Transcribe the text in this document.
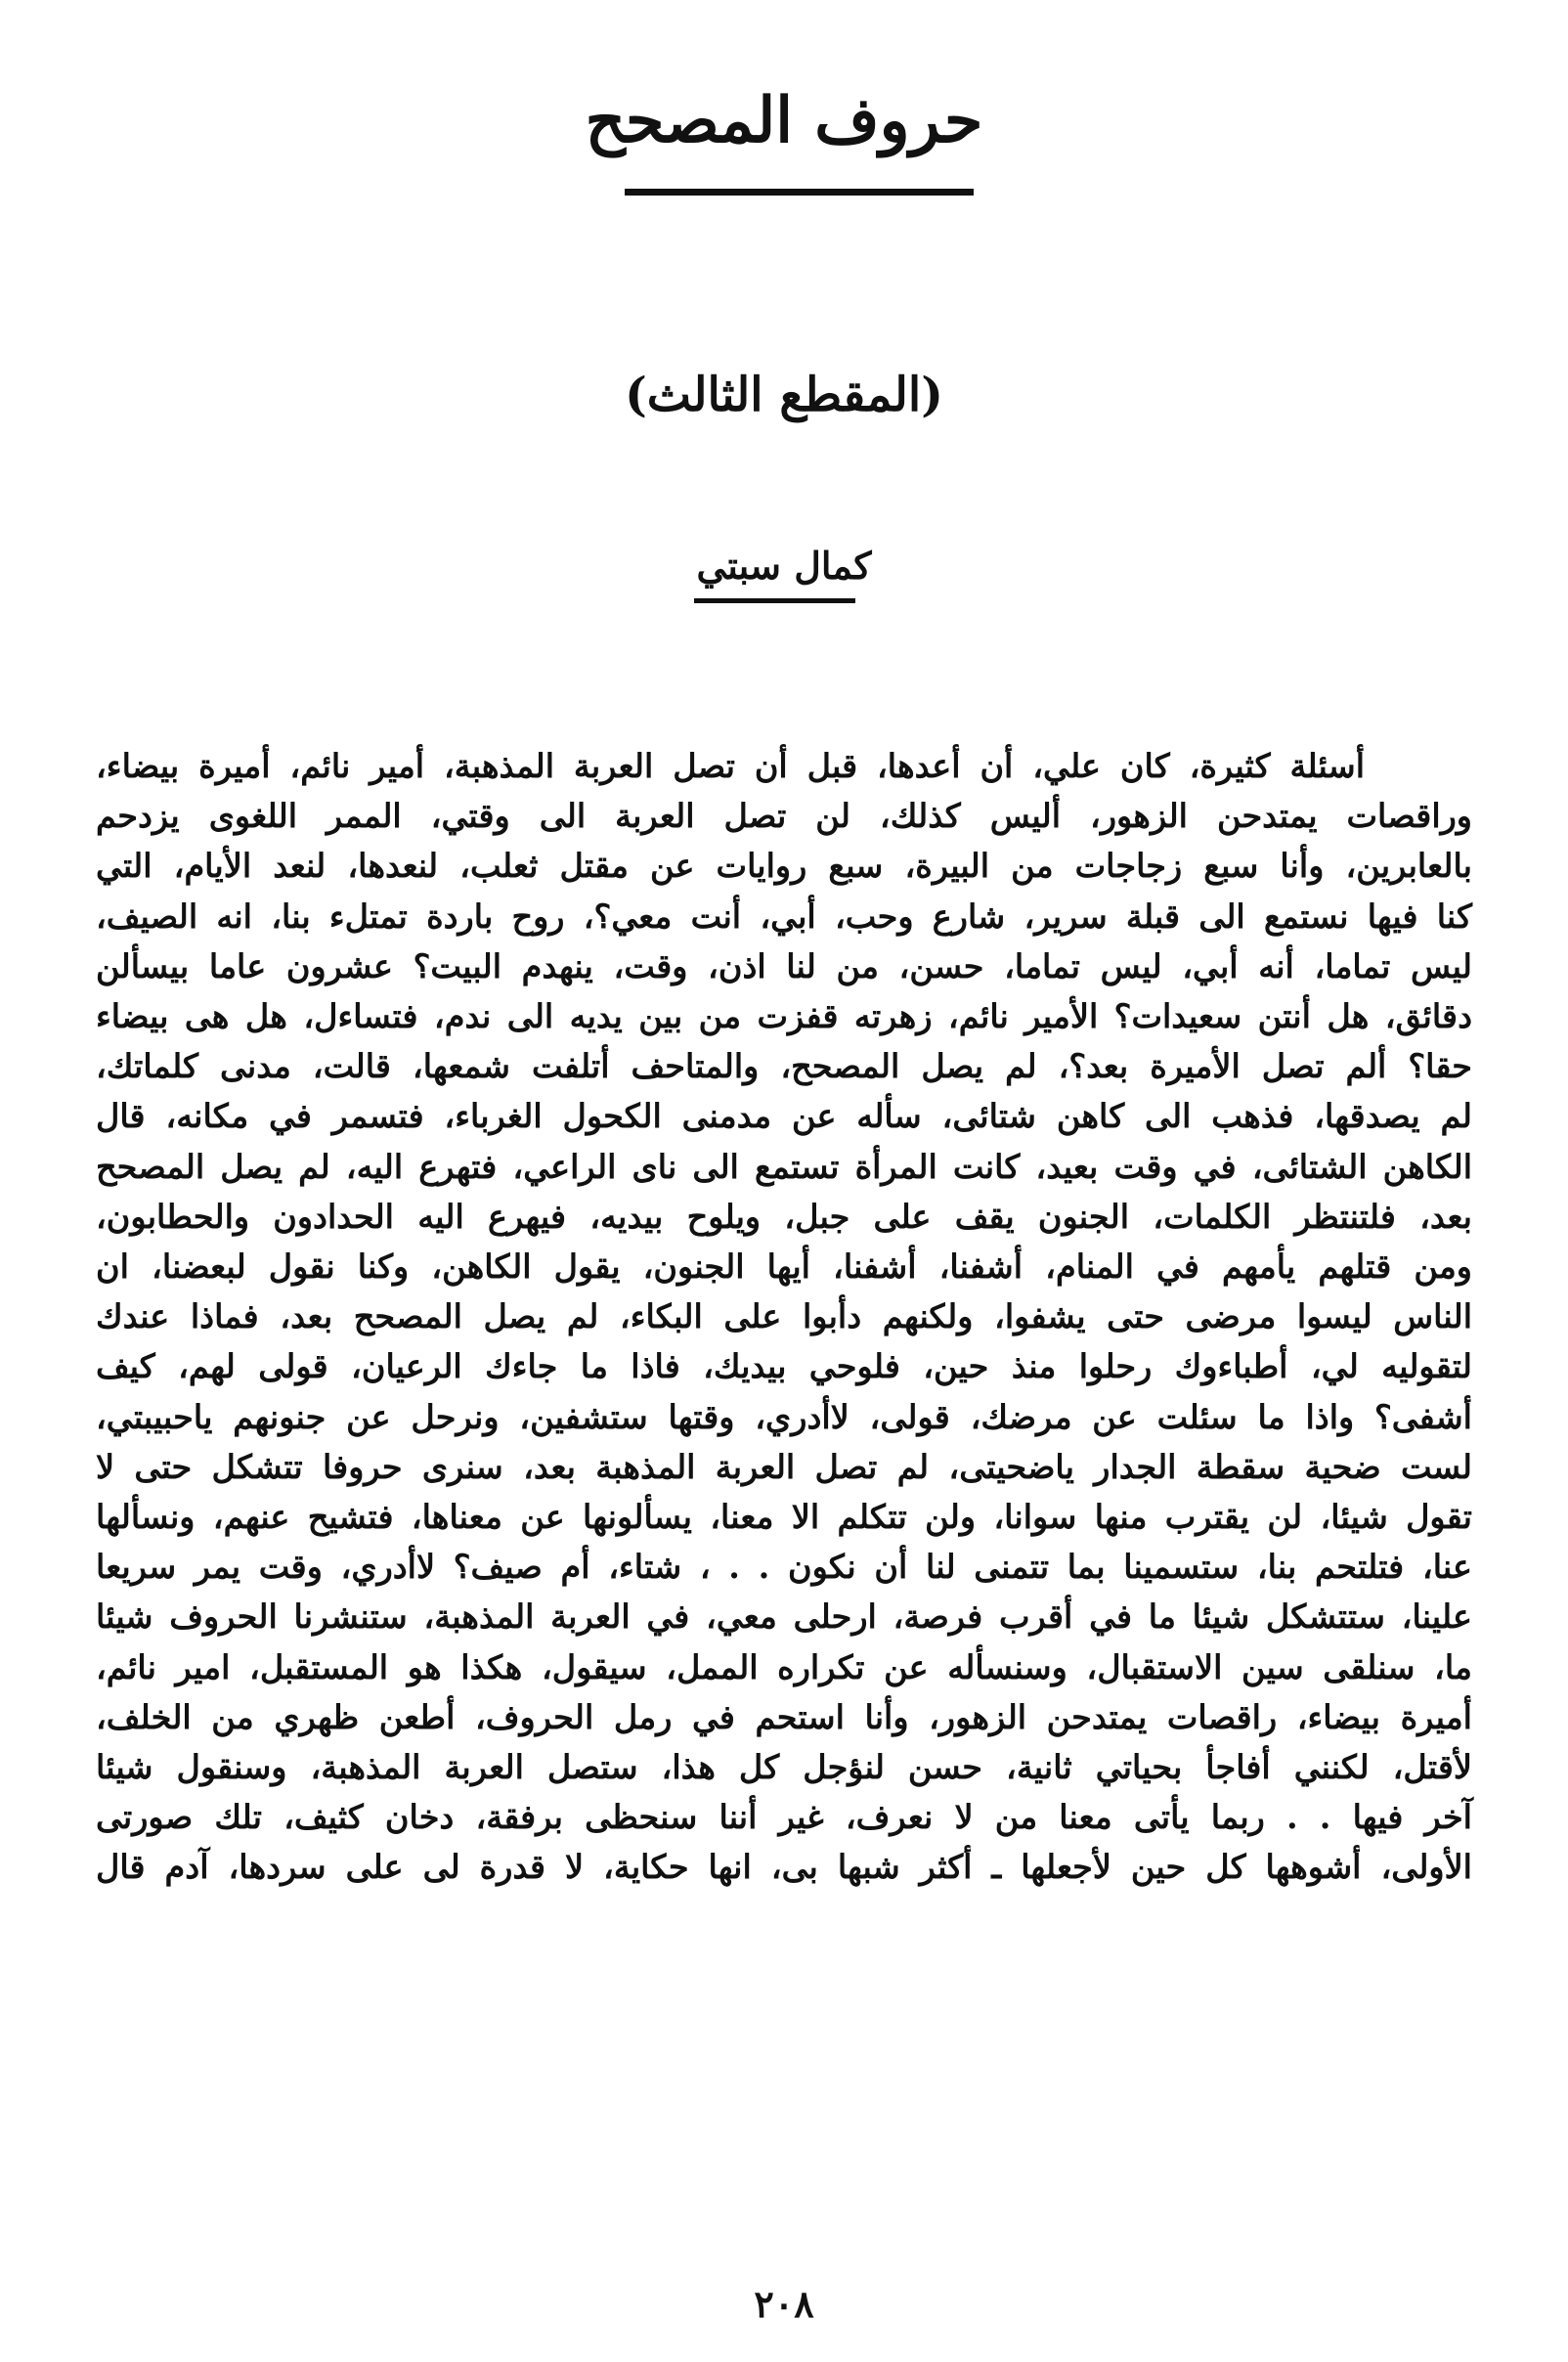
حروف المصحح
(المقطع الثالث)
كمال سبتي
أسئلة كثيرة، كان علي، أن أعدها، قبل أن تصل العربة المذهبة، أمير نائم، أميرة بيضاء،
وراقصات يمتدحن الزهور، أليس كذلك، لن تصل العربة الى وقتي، الممر اللغوى يزدحم
بالعابرين، وأنا سبع زجاجات من البيرة، سبع روايات عن مقتل ثعلب، لنعدها، لنعد الأيام، التي
كنا فيها نستمع الى قبلة سرير، شارع وحب، أبي، أنت معي؟، روح باردة تمتلء بنا، انه الصيف،
ليس تماما، أنه أبي، ليس تماما، حسن، من لنا اذن، وقت، ينهدم البيت؟ عشرون عاما بيسألن
دقائق، هل أنتن سعيدات؟ الأمير نائم، زهرته قفزت من بين يديه الى ندم، فتساءل، هل هى بيضاء
حقا؟ ألم تصل الأميرة بعد؟، لم يصل المصحح، والمتاحف أتلفت شمعها، قالت، مدنى كلماتك،
لم يصدقها، فذهب الى كاهن شتائى، سأله عن مدمنى الكحول الغرباء، فتسمر في مكانه، قال
الكاهن الشتائى، في وقت بعيد، كانت المرأة تستمع الى ناى الراعي، فتهرع اليه، لم يصل المصحح
بعد، فلتنتظر الكلمات، الجنون يقف على جبل، ويلوح بيديه، فيهرع اليه الحدادون والحطابون،
ومن قتلهم يأمهم في المنام، أشفنا، أشفنا، أيها الجنون، يقول الكاهن، وكنا نقول لبعضنا، ان
الناس ليسوا مرضى حتى يشفوا، ولكنهم دأبوا على البكاء، لم يصل المصحح بعد، فماذا عندك
لتقوليه لي، أطباءوك رحلوا منذ حين، فلوحي بيديك، فاذا ما جاءك الرعيان، قولى لهم، كيف
أشفى؟ واذا ما سئلت عن مرضك، قولى، لاأدري، وقتها ستشفين، ونرحل عن جنونهم ياحبيبتي،
لست ضحية سقطة الجدار ياضحيتى، لم تصل العربة المذهبة بعد، سنرى حروفا تتشكل حتى لا
تقول شيئا، لن يقترب منها سوانا، ولن تتكلم الا معنا، يسألونها عن معناها، فتشيح عنهم، ونسألها
عنا، فتلتحم بنا، ستسمينا بما تتمنى لنا أن نكون . . ، شتاء، أم صيف؟ لاأدري، وقت يمر سريعا
علينا، ستتشكل شيئا ما في أقرب فرصة، ارحلى معي، في العربة المذهبة، ستنشرنا الحروف شيئا
ما، سنلقى سين الاستقبال، وسنسأله عن تكراره الممل، سيقول، هكذا هو المستقبل، امير نائم،
أميرة بيضاء، راقصات يمتدحن الزهور، وأنا استحم في رمل الحروف، أطعن ظهري من الخلف،
لأقتل، لكنني أفاجأ بحياتي ثانية، حسن لنؤجل كل هذا، ستصل العربة المذهبة، وسنقول شيئا
آخر فيها . . ربما يأتى معنا من لا نعرف، غير أننا سنحظى برفقة، دخان كثيف، تلك صورتى
الأولى، أشوهها كل حين لأجعلها ـ أكثر شبها بى، انها حكاية، لا قدرة لى على سردها، آدم قال
٢٠٨
